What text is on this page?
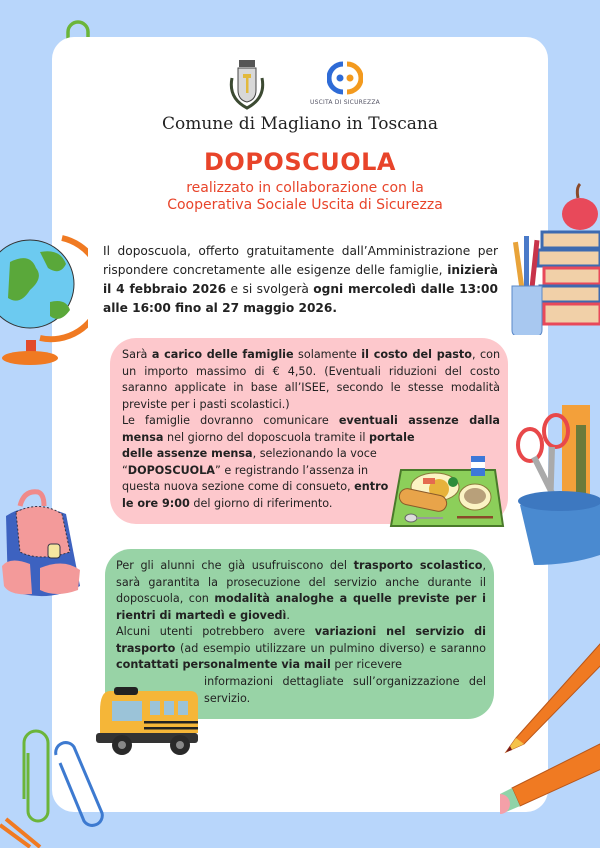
USCITA DI SICUREZZA
Comune di Magliano in Toscana
DOPOSCUOLA
realizzato in collaborazione con la
Cooperativa Sociale Uscita di Sicurezza
Il doposcuola, offerto gratuitamente dall’Amministrazione per rispondere concretamente alle esigenze delle famiglie, inizierà il 4 febbraio 2026 e si svolgerà ogni mercoledì dalle 13:00 alle 16:00 fino al 27 maggio 2026.
Sarà a carico delle famiglie solamente il costo del pasto, con un importo massimo di € 4,50. (Eventuali riduzioni del costo saranno applicate in base all’ISEE, secondo le stesse modalità previste per i pasti scolastici.)
Le famiglie dovranno comunicare eventuali assenze dalla mensa nel giorno del doposcuola tramite il portale
delle assenze mensa, selezionando la voce “DOPOSCUOLA” e registrando l’assenza in questa nuova sezione come di consueto, entro le ore 9:00 del giorno di riferimento.
Per gli alunni che già usufruiscono del trasporto scolastico, sarà garantita la prosecuzione del servizio anche durante il doposcuola, con modalità analoghe a quelle previste per i rientri di martedì e giovedì.
Alcuni utenti potrebbero avere variazioni nel servizio di trasporto (ad esempio utilizzare un pulmino diverso) e saranno contattati personalmente via mail per ricevere
informazioni dettagliate sull’organizzazione del servizio.
